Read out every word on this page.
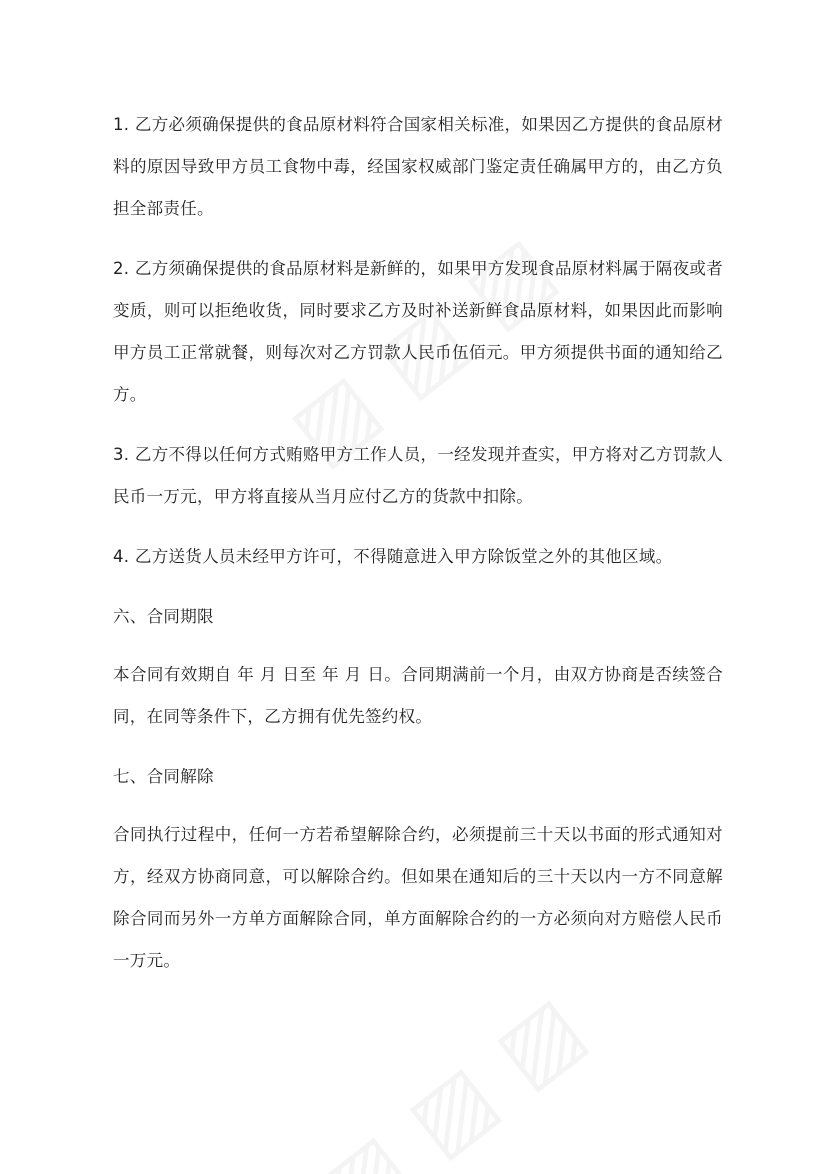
1. 乙方必须确保提供的食品原材料符合国家相关标准，如果因乙方提供的食品原材料的原因导致甲方员工食物中毒，经国家权威部门鉴定责任确属甲方的，由乙方负担全部责任。

2. 乙方须确保提供的食品原材料是新鲜的，如果甲方发现食品原材料属于隔夜或者变质，则可以拒绝收货，同时要求乙方及时补送新鲜食品原材料，如果因此而影响甲方员工正常就餐，则每次对乙方罚款人民币伍佰元。甲方须提供书面的通知给乙方。

3. 乙方不得以任何方式贿赂甲方工作人员，一经发现并查实，甲方将对乙方罚款人民币一万元，甲方将直接从当月应付乙方的货款中扣除。

4. 乙方送货人员未经甲方许可，不得随意进入甲方除饭堂之外的其他区域。

六、合同期限

本合同有效期自 年 月 日至 年 月 日。合同期满前一个月，由双方协商是否续签合同，在同等条件下，乙方拥有优先签约权。

七、合同解除

合同执行过程中，任何一方若希望解除合约，必须提前三十天以书面的形式通知对方，经双方协商同意，可以解除合约。但如果在通知后的三十天以内一方不同意解除合同而另外一方单方面解除合同，单方面解除合约的一方必须向对方赔偿人民币一万元。
